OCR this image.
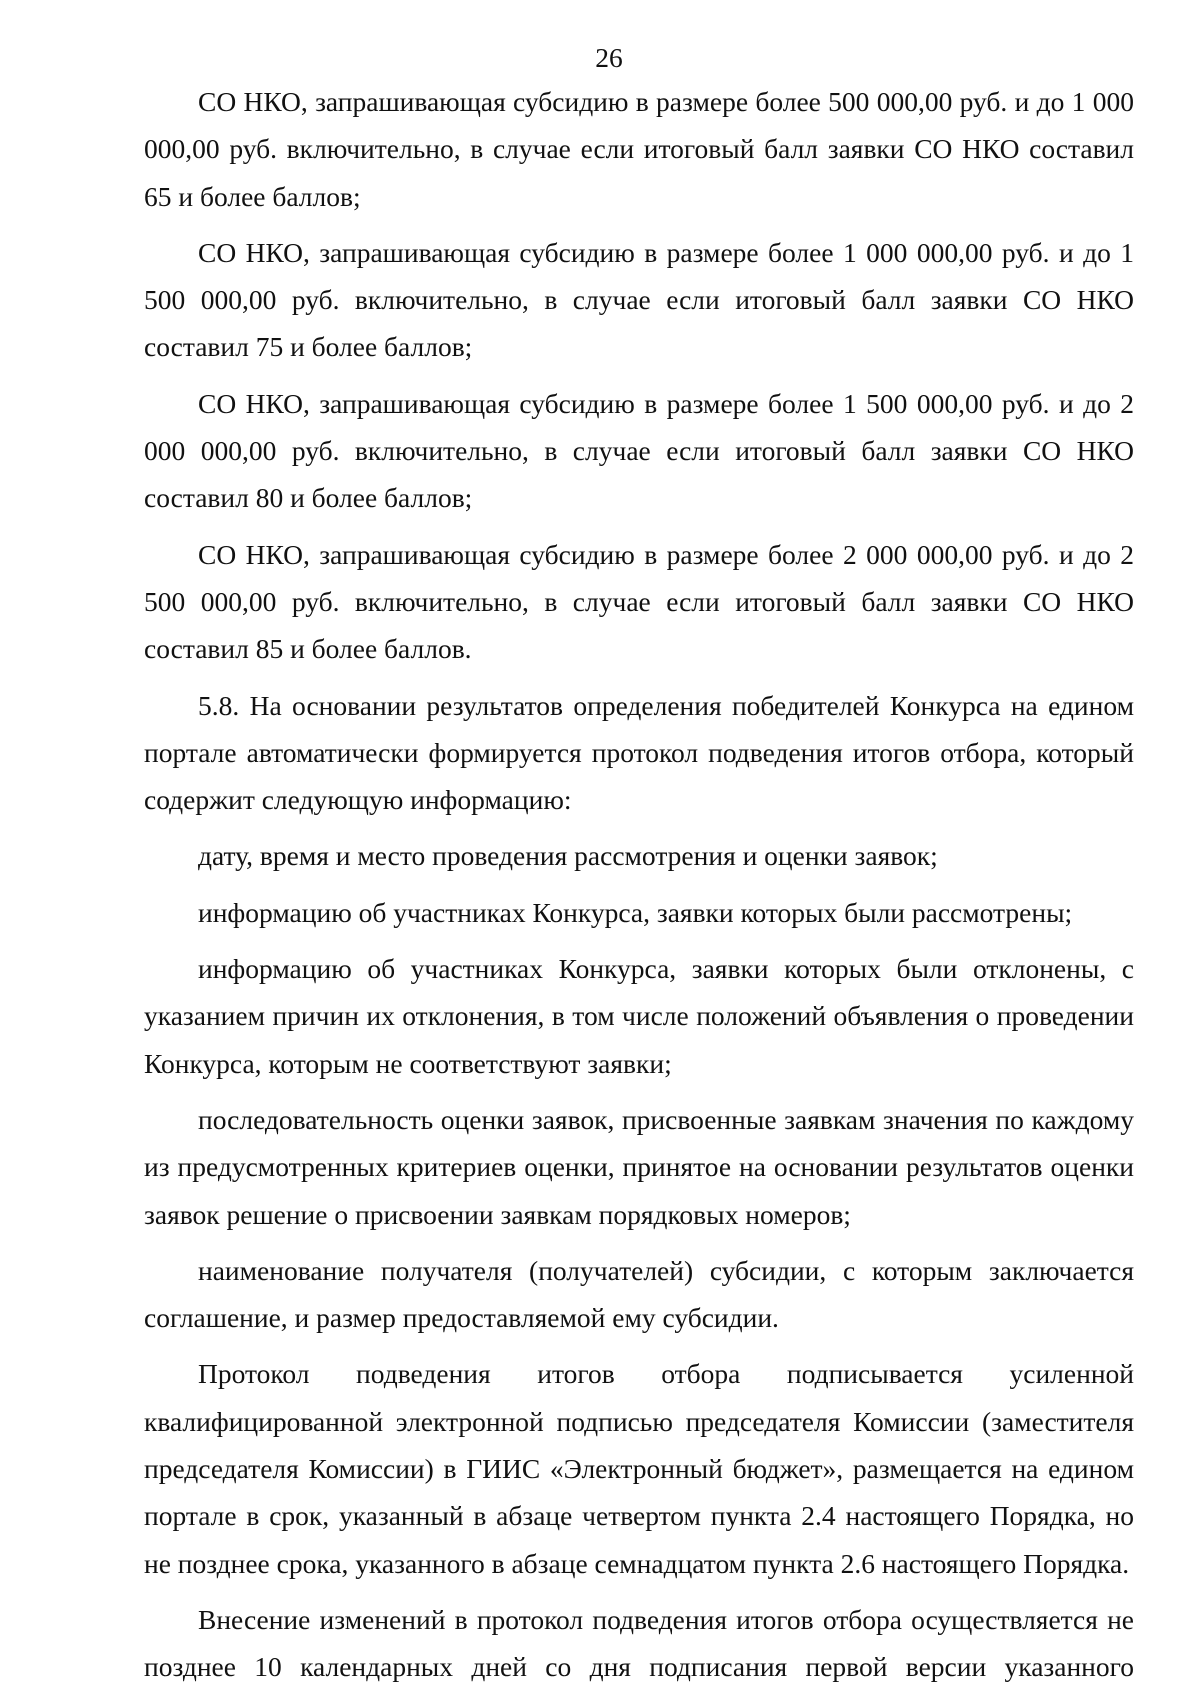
26

СО НКО, запрашивающая субсидию в размере более 500 000,00 руб. и до 1 000 000,00 руб. включительно, в случае если итоговый балл заявки СО НКО составил 65 и более баллов;

СО НКО, запрашивающая субсидию в размере более 1 000 000,00 руб. и до 1 500 000,00 руб. включительно, в случае если итоговый балл заявки СО НКО составил 75 и более баллов;

СО НКО, запрашивающая субсидию в размере более 1 500 000,00 руб. и до 2 000 000,00 руб. включительно, в случае если итоговый балл заявки СО НКО составил 80 и более баллов;

СО НКО, запрашивающая субсидию в размере более 2 000 000,00 руб. и до 2 500 000,00 руб. включительно, в случае если итоговый балл заявки СО НКО составил 85 и более баллов.

5.8. На основании результатов определения победителей Конкурса на едином портале автоматически формируется протокол подведения итогов отбора, который содержит следующую информацию:

дату, время и место проведения рассмотрения и оценки заявок;

информацию об участниках Конкурса, заявки которых были рассмотрены;

информацию об участниках Конкурса, заявки которых были отклонены, с указанием причин их отклонения, в том числе положений объявления о проведении Конкурса, которым не соответствуют заявки;

последовательность оценки заявок, присвоенные заявкам значения по каждому из предусмотренных критериев оценки, принятое на основании результатов оценки заявок решение о присвоении заявкам порядковых номеров;

наименование получателя (получателей) субсидии, с которым заключается соглашение, и размер предоставляемой ему субсидии.

Протокол подведения итогов отбора подписывается усиленной квалифицированной электронной подписью председателя Комиссии (заместителя председателя Комиссии) в ГИИС «Электронный бюджет», размещается на едином портале в срок, указанный в абзаце четвертом пункта 2.4 настоящего Порядка, но не позднее срока, указанного в абзаце семнадцатом пункта 2.6 настоящего Порядка.

Внесение изменений в протокол подведения итогов отбора осуществляется не позднее 10 календарных дней со дня подписания первой версии указанного
